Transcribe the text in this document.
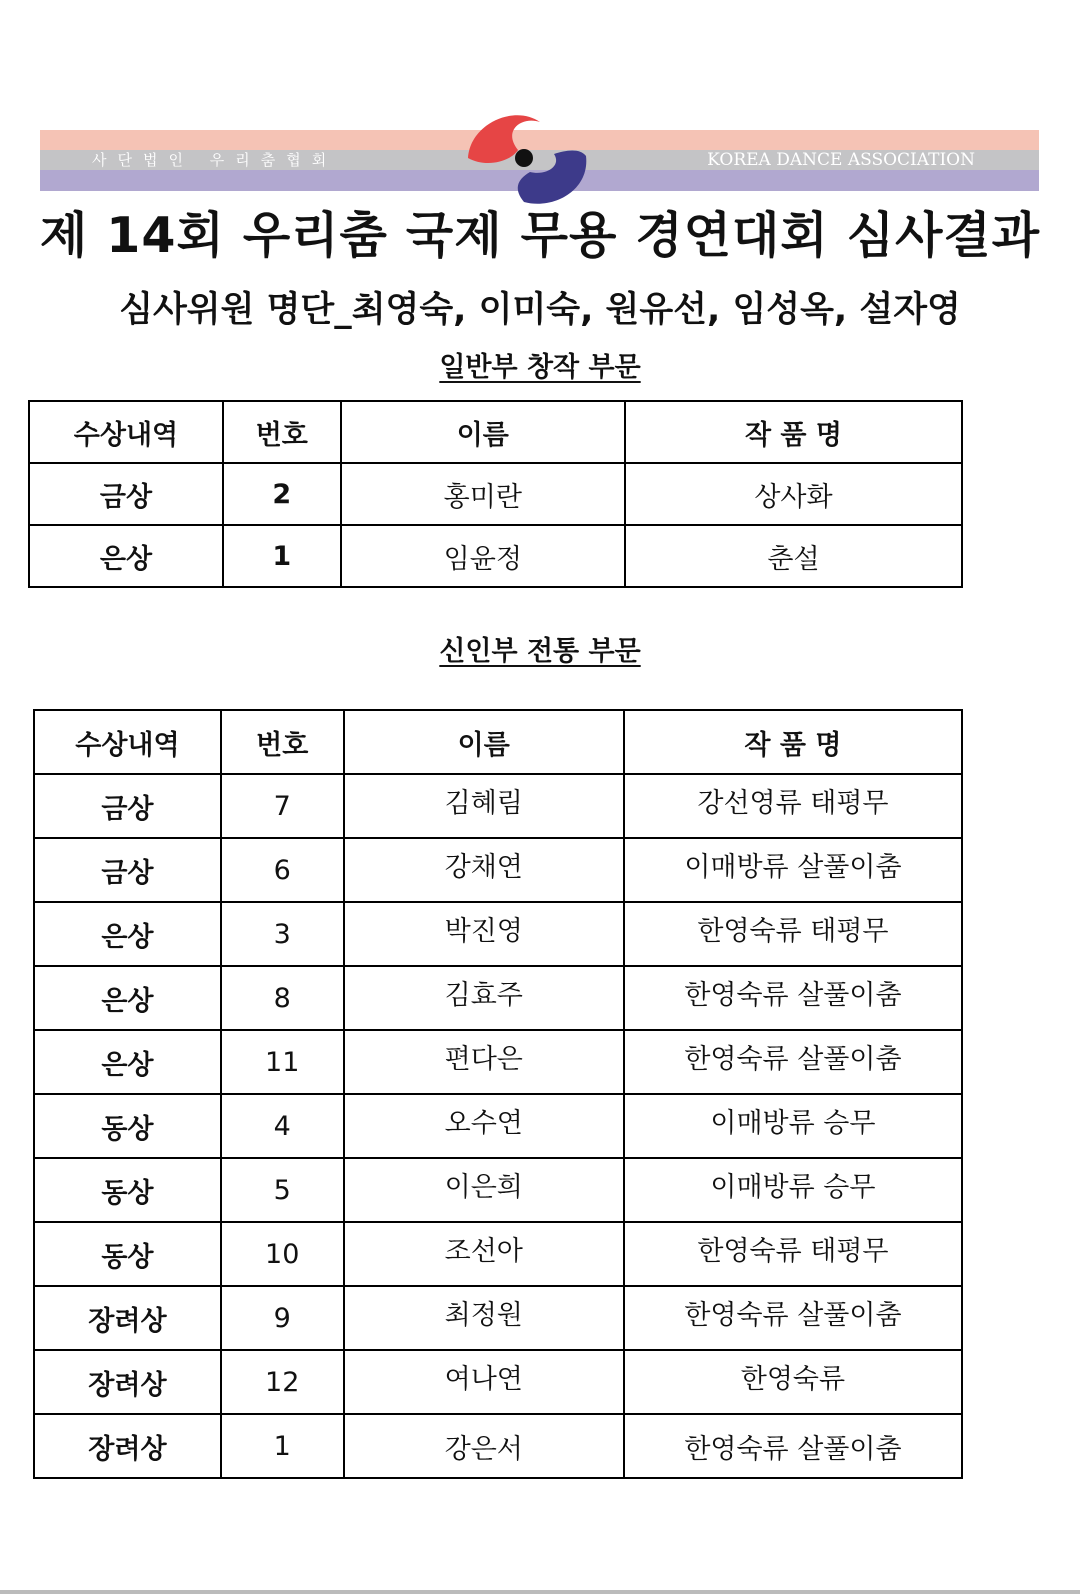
사단법인 우리춤협회	KOREA DANCE ASSOCIATION
제 14회 우리춤 국제 무용 경연대회 심사결과
심사위원 명단_최영숙, 이미숙, 원유선, 임성옥, 설자영
일반부 창작 부문
수상내역	번호	이름	작 품 명
금상	2	홍미란	상사화
은상	1	임윤정	춘설
신인부 전통 부문
수상내역	번호	이름	작 품 명
금상	7	김혜림	강선영류 태평무
금상	6	강채연	이매방류 살풀이춤
은상	3	박진영	한영숙류 태평무
은상	8	김효주	한영숙류 살풀이춤
은상	11	편다은	한영숙류 살풀이춤
동상	4	오수연	이매방류 승무
동상	5	이은희	이매방류 승무
동상	10	조선아	한영숙류 태평무
장려상	9	최정원	한영숙류 살풀이춤
장려상	12	여나연	한영숙류
장려상	1	강은서	한영숙류 살풀이춤
